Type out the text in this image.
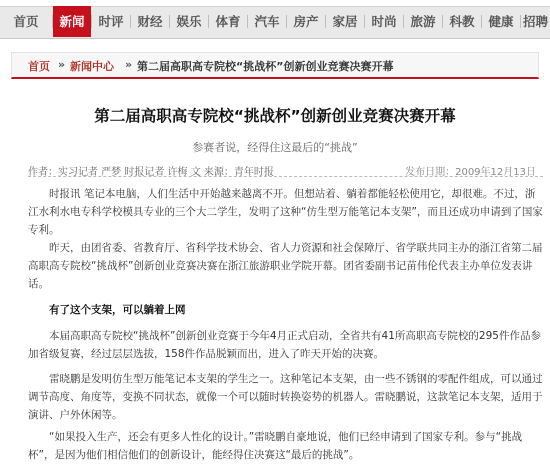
首页	新闻	时评	财经	娱乐	体育	汽车	房产	家居	时尚	旅游	科教	健康 招聘
首页 » 新闻中心 » 第二届高职高专院校“挑战杯”创新创业竞赛决赛开幕
第二届高职高专院校“挑战杯”创新创业竞赛决赛开幕
参赛者说，经得住这最后的“挑战”
作者：实习记者 严梦 时报记者 许梅 文 来源：青年时报	发布日期：2009年12月13日
时报讯 笔记本电脑，人们生活中开始越来越离不开。但想站着、躺着都能轻松使用它，却很难。不过，浙江水利水电专科学校模具专业的三个大二学生，发明了这种“仿生型万能笔记本支架”，而且还成功申请到了国家专利。
昨天，由团省委、省教育厅、省科学技术协会、省人力资源和社会保障厅、省学联共同主办的浙江省第二届高职高专院校“挑战杯”创新创业竞赛决赛在浙江旅游职业学院开幕。团省委副书记苗伟伦代表主办单位发表讲话。
有了这个支架，可以躺着上网
本届高职高专院校“挑战杯”创新创业竞赛于今年4月正式启动，全省共有41所高职高专院校的295件作品参加省级复赛，经过层层选拔，158件作品脱颖而出，进入了昨天开始的决赛。
雷晓鹏是发明仿生型万能笔记本支架的学生之一。这种笔记本支架，由一些不锈钢的零配件组成，可以通过调节高度、角度等，变换不同状态，就像一个可以随时转换姿势的机器人。雷晓鹏说，这款笔记本支架，适用于演讲、户外休闲等。
“如果投入生产，还会有更多人性化的设计。”雷晓鹏自豪地说，他们已经申请到了国家专利。参与“挑战杯”，是因为他们相信他们的创新设计，能经得住决赛这“最后的挑战”。
